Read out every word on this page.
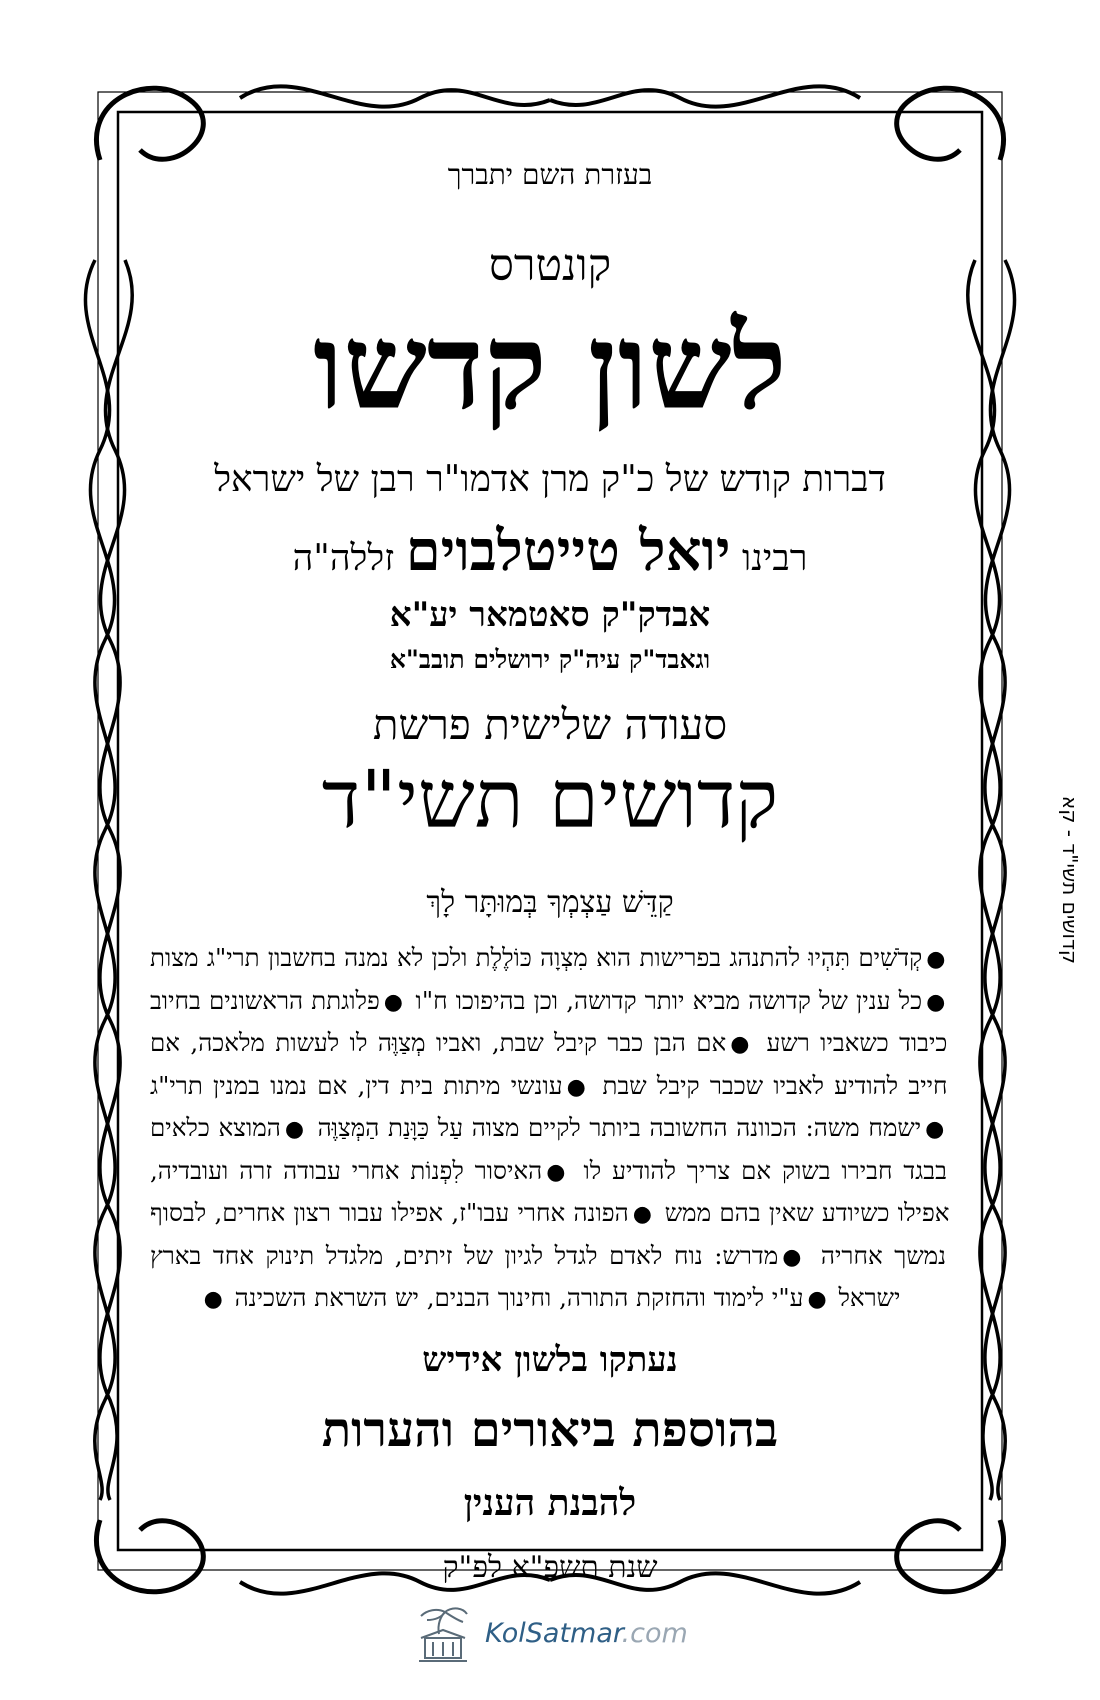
בעזרת השם יתברך
קונטרס
לשון קדשו
דברות קודש של כ"ק מרן אדמו"ר רבן של ישראל
רבינו יואל טייטלבוים זללה"ה
אבדק"ק סאטמאר יע"א
וגאבד"ק עיה"ק ירושלים תובב"א
סעודה שלישית פרשת
קדושים תשי"ד
קַדֵּשׁ עַצְמְךָ בְּמוּתָּר לָךְ
●קְדֹשִׁים תִּהְיוּ להתנהג בפרישות הוא מִצְוָה כּוֹלֶלֶת ולכן לא נמנה בחשבון תרי"ג מצות ●כל ענין של קדושה מביא יותר קדושה, וכן בהיפוכו ח"ו ●פלוגתת הראשונים בחיוב כיבוד כשאביו רשע ●אם הבן כבר קיבל שבת, ואביו מְצַוֶּה לו לעשות מלאכה, אם חייב להודיע לאביו שכבר קיבל שבת ●עונשי מיתות בית דין, אם נמנו במנין תרי"ג ●ישמח משה: הכוונה החשובה ביותר לקיים מצוה עַל כַּוָּנַת הַמְּצַוֶּה ●המוצא כלאים בבגד חבירו בשוק אם צריך להודיע לו ●האיסור לִפְנוֹת אחרי עבודה זרה ועובדיה, אפילו כשיודע שאין בהם ממש ●הפונה אחרי עבו"ז, אפילו עבור רצון אחרים, לבסוף נמשך אחריה ●מדרש: נוח לאדם לגדל לגיון של זיתים, מלגדל תינוק אחד בארץ ישראל ●ע"י לימוד והחזקת התורה, וחינוך הבנים, יש השראת השכינה ●
נעתקו בלשון אידיש
בהוספת ביאורים והערות
להבנת הענין
שנת תשפ"א לפ"ק
קדושים תשי"ד - קא
KolSatmar.com
